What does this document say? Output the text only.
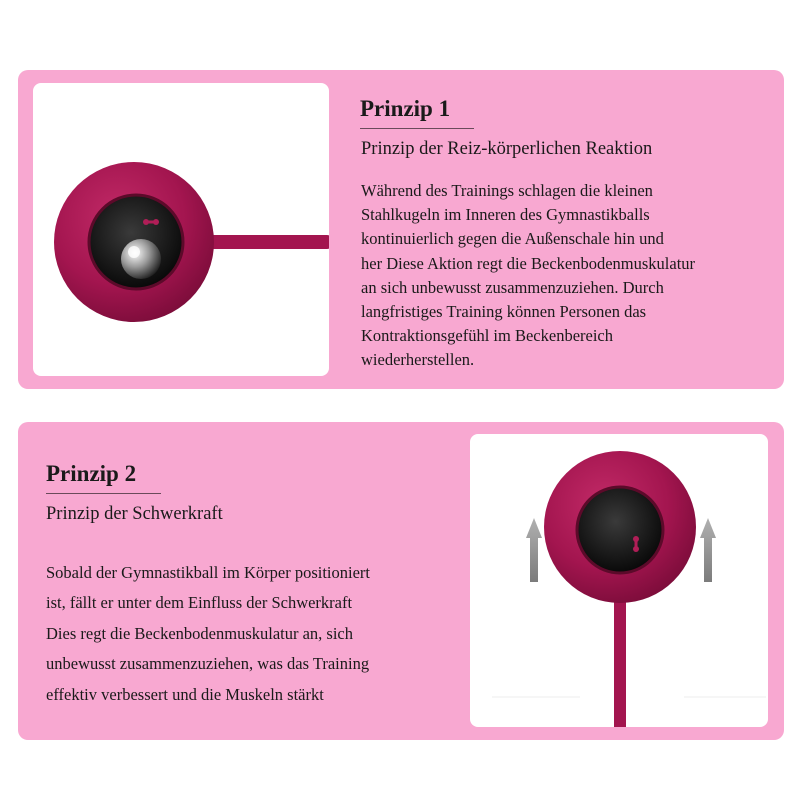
Prinzip 1

Prinzip der Reiz-körperlichen Reaktion

Während des Trainings schlagen die kleinen
Stahlkugeln im Inneren des Gymnastikballs
kontinuierlich gegen die Außenschale hin und
her Diese Aktion regt die Beckenbodenmuskulatur
an sich unbewusst zusammenzuziehen. Durch
langfristiges Training können Personen das
Kontraktionsgefühl im Beckenbereich
wiederherstellen.

Prinzip 2

Prinzip der Schwerkraft

Sobald der Gymnastikball im Körper positioniert
ist, fällt er unter dem Einfluss der Schwerkraft
Dies regt die Beckenbodenmuskulatur an, sich
unbewusst zusammenzuziehen, was das Training
effektiv verbessert und die Muskeln stärkt
